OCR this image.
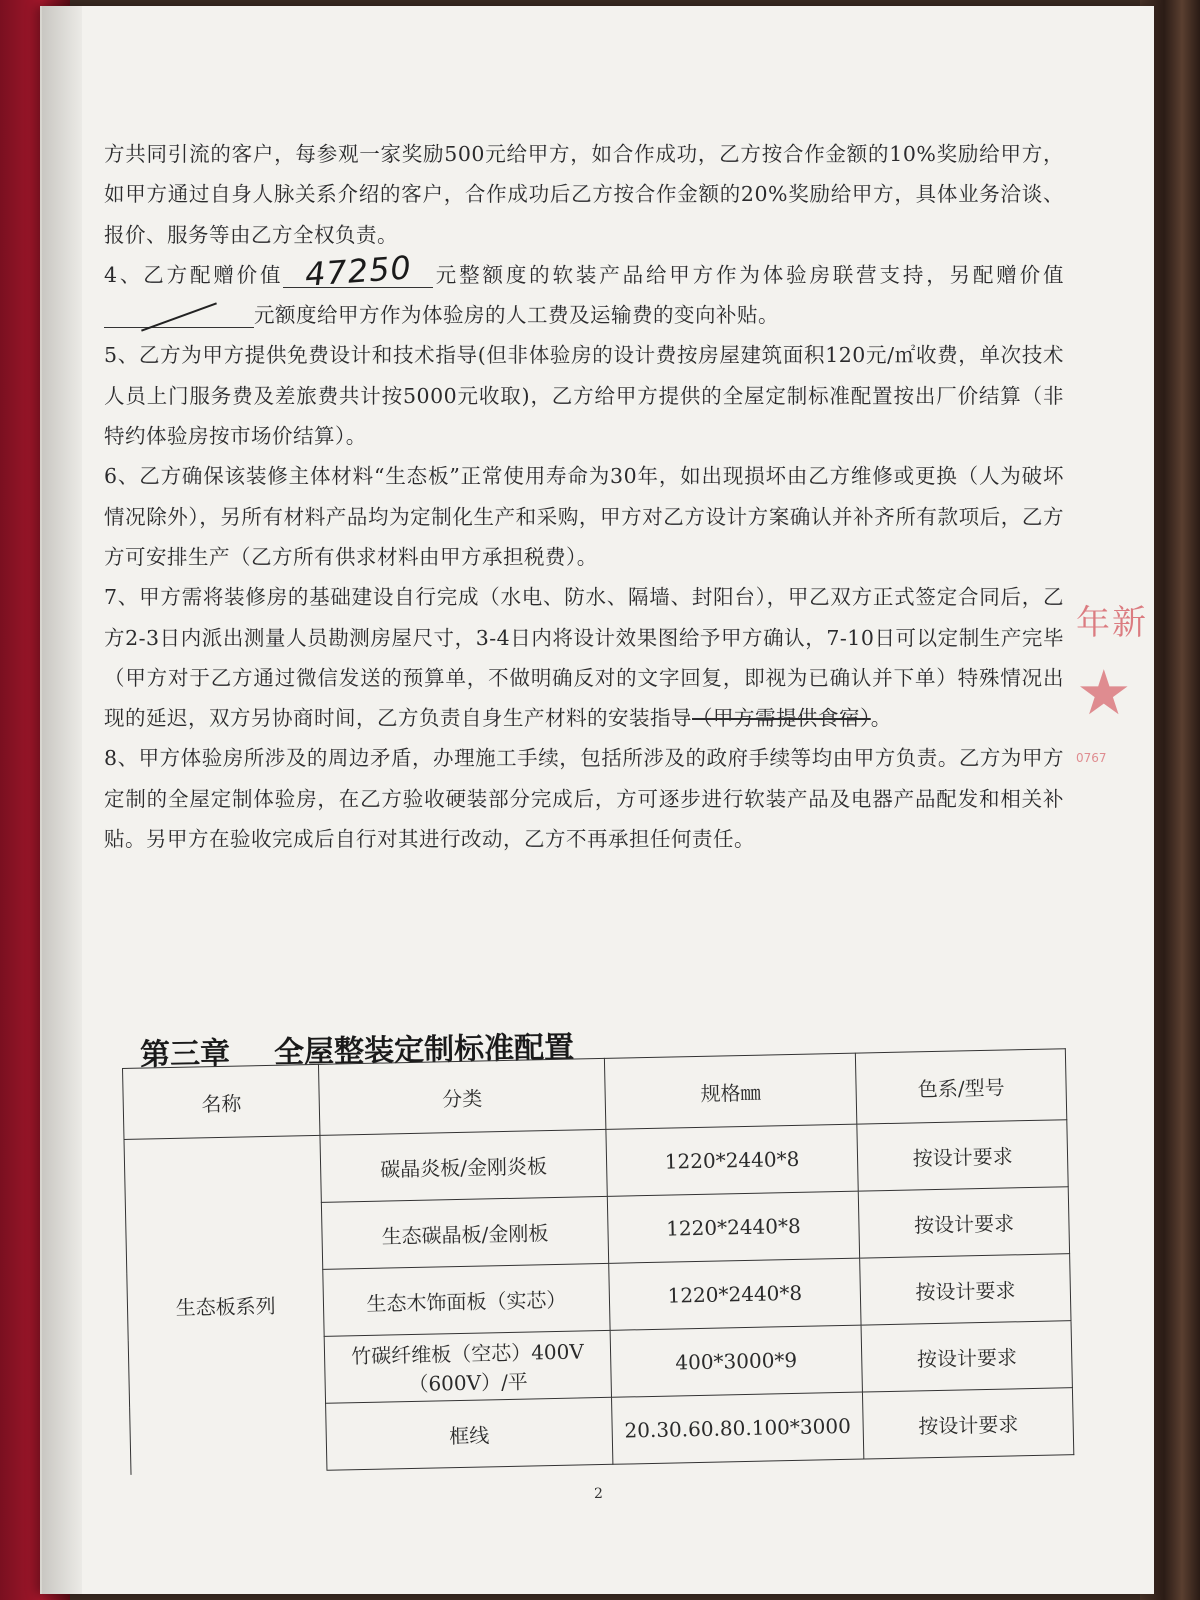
方共同引流的客户，每参观一家奖励500元给甲方，如合作成功，乙方按合作金额的10%奖励给甲方，如甲方通过自身人脉关系介绍的客户，合作成功后乙方按合作金额的20%奖励给甲方，具体业务洽谈、报价、服务等由乙方全权负责。

4、乙方配赠价值 47250 元整额度的软装产品给甲方作为体验房联营支持，另配赠价值元额度给甲方作为体验房的人工费及运输费的变向补贴。

5、乙方为甲方提供免费设计和技术指导(但非体验房的设计费按房屋建筑面积120元/㎡收费，单次技术人员上门服务费及差旅费共计按5000元收取)，乙方给甲方提供的全屋定制标准配置按出厂价结算（非特约体验房按市场价结算）。

6、乙方确保该装修主体材料“生态板”正常使用寿命为30年，如出现损坏由乙方维修或更换（人为破坏情况除外），另所有材料产品均为定制化生产和采购，甲方对乙方设计方案确认并补齐所有款项后，乙方方可安排生产（乙方所有供求材料由甲方承担税费）。

7、甲方需将装修房的基础建设自行完成（水电、防水、隔墙、封阳台），甲乙双方正式签定合同后，乙方2-3日内派出测量人员勘测房屋尺寸，3-4日内将设计效果图给予甲方确认，7-10日可以定制生产完毕（甲方对于乙方通过微信发送的预算单，不做明确反对的文字回复，即视为已确认并下单）特殊情况出现的延迟，双方另协商时间，乙方负责自身生产材料的安装指导（甲方需提供食宿）。

8、甲方体验房所涉及的周边矛盾，办理施工手续，包括所涉及的政府手续等均由甲方负责。乙方为甲方定制的全屋定制体验房，在乙方验收硬装部分完成后，方可逐步进行软装产品及电器产品配发和相关补贴。另甲方在验收完成后自行对其进行改动，乙方不再承担任何责任。

第三章 全屋整装定制标准配置
名称	分类	规格㎜	色系/型号
生态板系列	碳晶炎板/金刚炎板	1220*2440*8	按设计要求
	生态碳晶板/金刚板	1220*2440*8	按设计要求
	生态木饰面板（实芯）	1220*2440*8	按设计要求
	竹碳纤维板（空芯）400V（600V）/平	400*3000*9	按设计要求
	框线	20.30.60.80.100*3000	按设计要求
2
年新
★
0767
